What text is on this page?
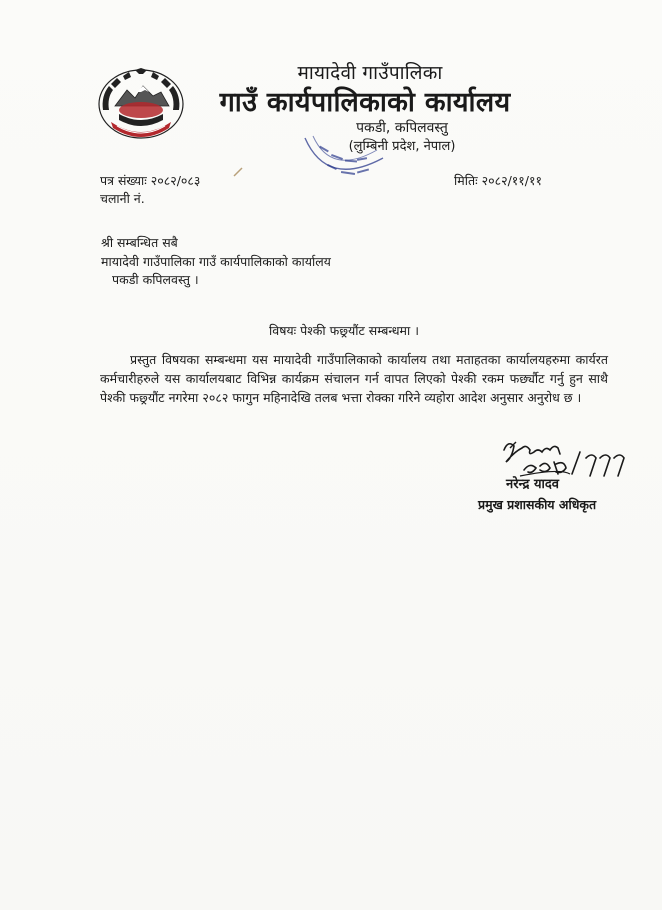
मायादेवी गाउँपालिका
गाउँ कार्यपालिकाको कार्यालय
पकडी, कपिलवस्तु
(लुम्बिनी प्रदेश, नेपाल)
पत्र संख्याः २०८२/०८३
चलानी नं.
मितिः २०८२/११/११
श्री सम्बन्धित सबै
मायादेवी गाउँपालिका गाउँ कार्यपालिकाको कार्यालय
पकडी कपिलवस्तु ।
विषयः पेश्की फछ्र्यौंट सम्बन्धमा ।

प्रस्तुत विषयका सम्बन्धमा यस मायादेवी गाउँपालिकाको कार्यालय तथा मताहतका कार्यालयहरुमा कार्यरत कर्मचारीहरुले यस कार्यालयबाट विभिन्न कार्यक्रम संचालन गर्न वापत लिएको पेश्की रकम फर्छ्यौट गर्नु हुन साथै पेश्की फछ्र्यौंट नगरेमा २०८२ फागुन महिनादेखि तलब भत्ता रोक्का गरिने व्यहोरा आदेश अनुसार अनुरोध छ ।

नरेन्द्र यादव
प्रमुख प्रशासकीय अधिकृत
